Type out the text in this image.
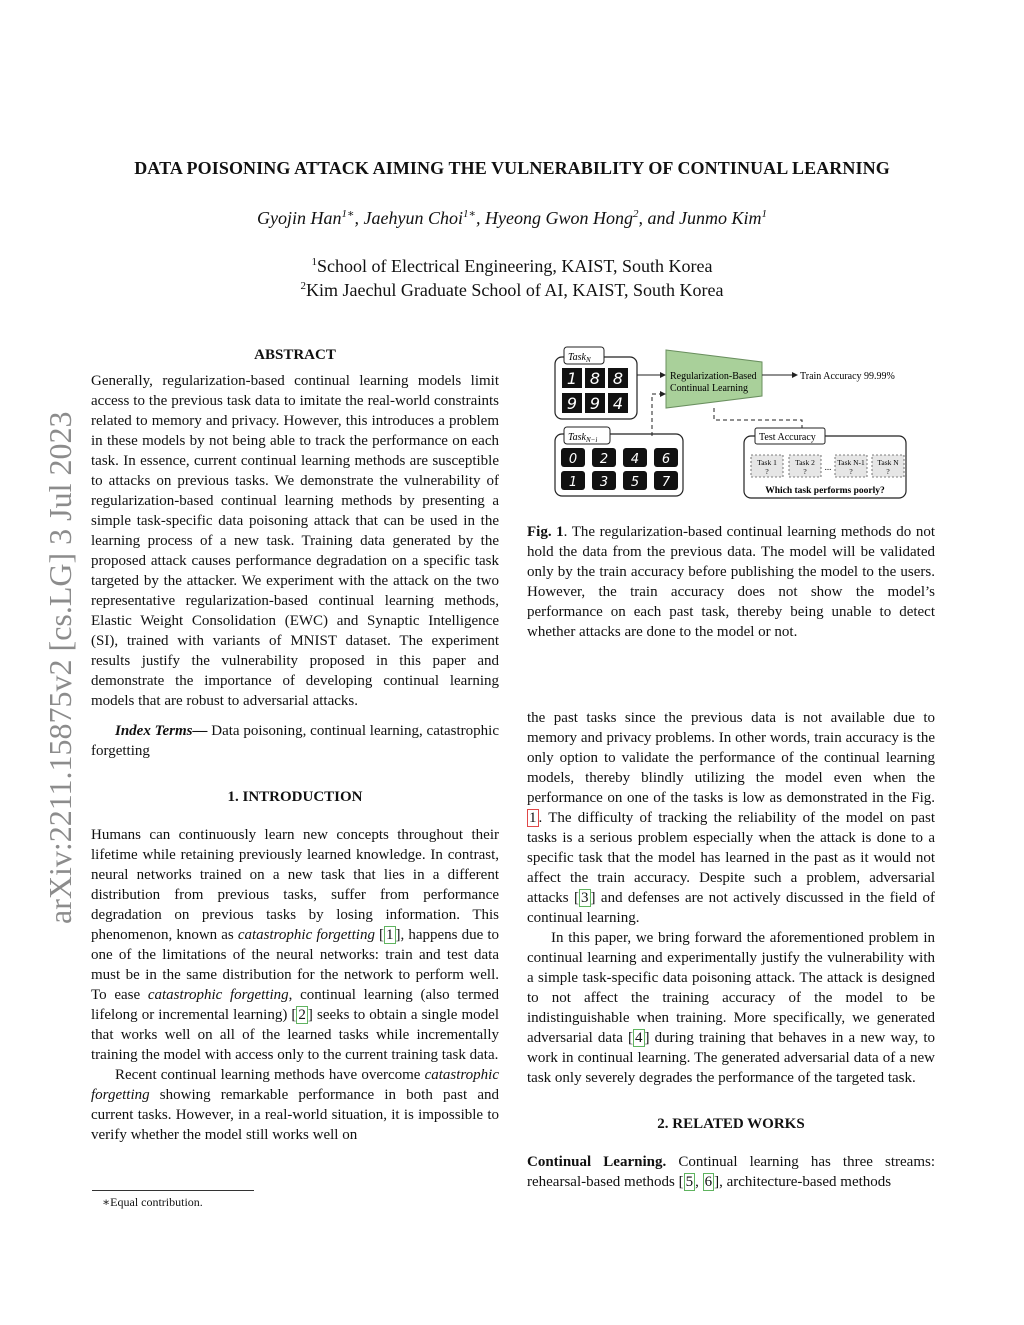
arXiv:2211.15875v2 [cs.LG] 3 Jul 2023
DATA POISONING ATTACK AIMING THE VULNERABILITY OF CONTINUAL LEARNING
Gyojin Han$^{1∗}$, Jaehyun Choi$^{1∗}$, Hyeong Gwon Hong$^2$, and Junmo Kim$^1$
$^1$School of Electrical Engineering, KAIST, South Korea
$^2$Kim Jaechul Graduate School of AI, KAIST, South Korea
ABSTRACT

Generally, regularization-based continual learning models limit access to the previous task data to imitate the real-world constraints related to memory and privacy. However, this introduces a problem in these models by not being able to track the performance on each task. In essence, current continual learning methods are susceptible to attacks on previous tasks. We demonstrate the vulnerability of regularization-based continual learning methods by presenting a simple task-specific data poisoning attack that can be used in the learning process of a new task. Training data generated by the proposed attack causes performance degradation on a specific task targeted by the attacker. We experiment with the attack on the two representative regularization-based continual learning methods, Elastic Weight Consolidation (EWC) and Synaptic Intelligence (SI), trained with variants of MNIST dataset. The experiment results justify the vulnerability proposed in this paper and demonstrate the importance of developing continual learning models that are robust to adversarial attacks.

Index Terms— Data poisoning, continual learning, catastrophic forgetting

1. INTRODUCTION

Humans can continuously learn new concepts throughout their lifetime while retaining previously learned knowledge. In contrast, neural networks trained on a new task that lies in a different distribution from previous tasks, suffer from performance degradation on previous tasks by losing information. This phenomenon, known as catastrophic forgetting [ 1 ], happens due to one of the limitations of the neural networks: train and test data must be in the same distribution for the network to perform well. To ease catastrophic forgetting, continual learning (also termed lifelong or incremental learning) [ 2 ] seeks to obtain a single model that works well on all of the learned tasks while incrementally training the model with access only to the current training task data.

Recent continual learning methods have overcome catastrophic forgetting showing remarkable performance in both past and current tasks. However, in a real-world situation, it is impossible to verify whether the model still works well on

∗Equal contribution.
Task$_N$
1 8 8
9 9 4
Regularization-Based
Continual Learning
Train Accuracy 99.99%
Task$_{N-i}$
0 2 4 6
1 3 5 7
Test Accuracy
Task 1 Task 2	Task N-1 Task N
?	?	?	?
...
Which task performs poorly?
Fig. 1. The regularization-based continual learning methods do not hold the data from the previous data. The model will be validated only by the train accuracy before publishing the model to the users. However, the train accuracy does not show the model’s performance on each past task, thereby being unable to detect whether attacks are done to the model or not.

the past tasks since the previous data is not available due to memory and privacy problems. In other words, train accuracy is the only option to validate the performance of the continual learning models, thereby blindly utilizing the model even when the performance on one of the tasks is low as demonstrated in the Fig. 1 . The difficulty of tracking the reliability of the model on past tasks is a serious problem especially when the attack is done to a specific task that the model has learned in the past as it would not affect the train accuracy. Despite such a problem, adversarial attacks [ 3 ] and defenses are not actively discussed in the field of continual learning.

In this paper, we bring forward the aforementioned problem in continual learning and experimentally justify the vulnerability with a simple task-specific data poisoning attack. The attack is designed to not affect the training accuracy of the model to be indistinguishable when training. More specifically, we generated adversarial data [ 4 ] during training that behaves in a new way, to work in continual learning. The generated adversarial data of a new task only severely degrades the performance of the targeted task.

2. RELATED WORKS

Continual Learning. Continual learning has three streams: rehearsal-based methods [ 5 , 6 ], architecture-based methods
